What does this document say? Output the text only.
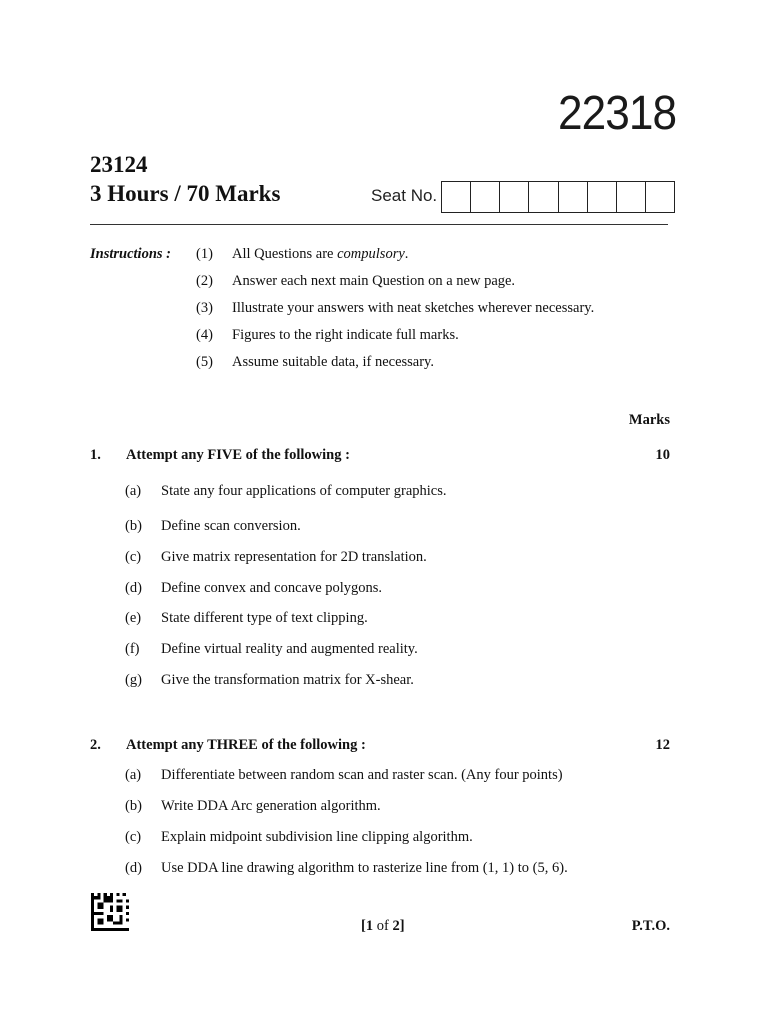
22318
23124
3 Hours / 70 Marks	Seat No.
Instructions : (1) All Questions are compulsory.
(2) Answer each next main Question on a new page.
(3) Illustrate your answers with neat sketches wherever necessary.
(4) Figures to the right indicate full marks.
(5) Assume suitable data, if necessary.
Marks
1. Attempt any FIVE of the following :	10
(a) State any four applications of computer graphics.
(b) Define scan conversion.
(c) Give matrix representation for 2D translation.
(d) Define convex and concave polygons.
(e) State different type of text clipping.
(f) Define virtual reality and augmented reality.
(g) Give the transformation matrix for X-shear.
2. Attempt any THREE of the following :	12
(a) Differentiate between random scan and raster scan. (Any four points)
(b) Write DDA Arc generation algorithm.
(c) Explain midpoint subdivision line clipping algorithm.
(d) Use DDA line drawing algorithm to rasterize line from (1, 1) to (5, 6).
[1 of 2]	P.T.O.
